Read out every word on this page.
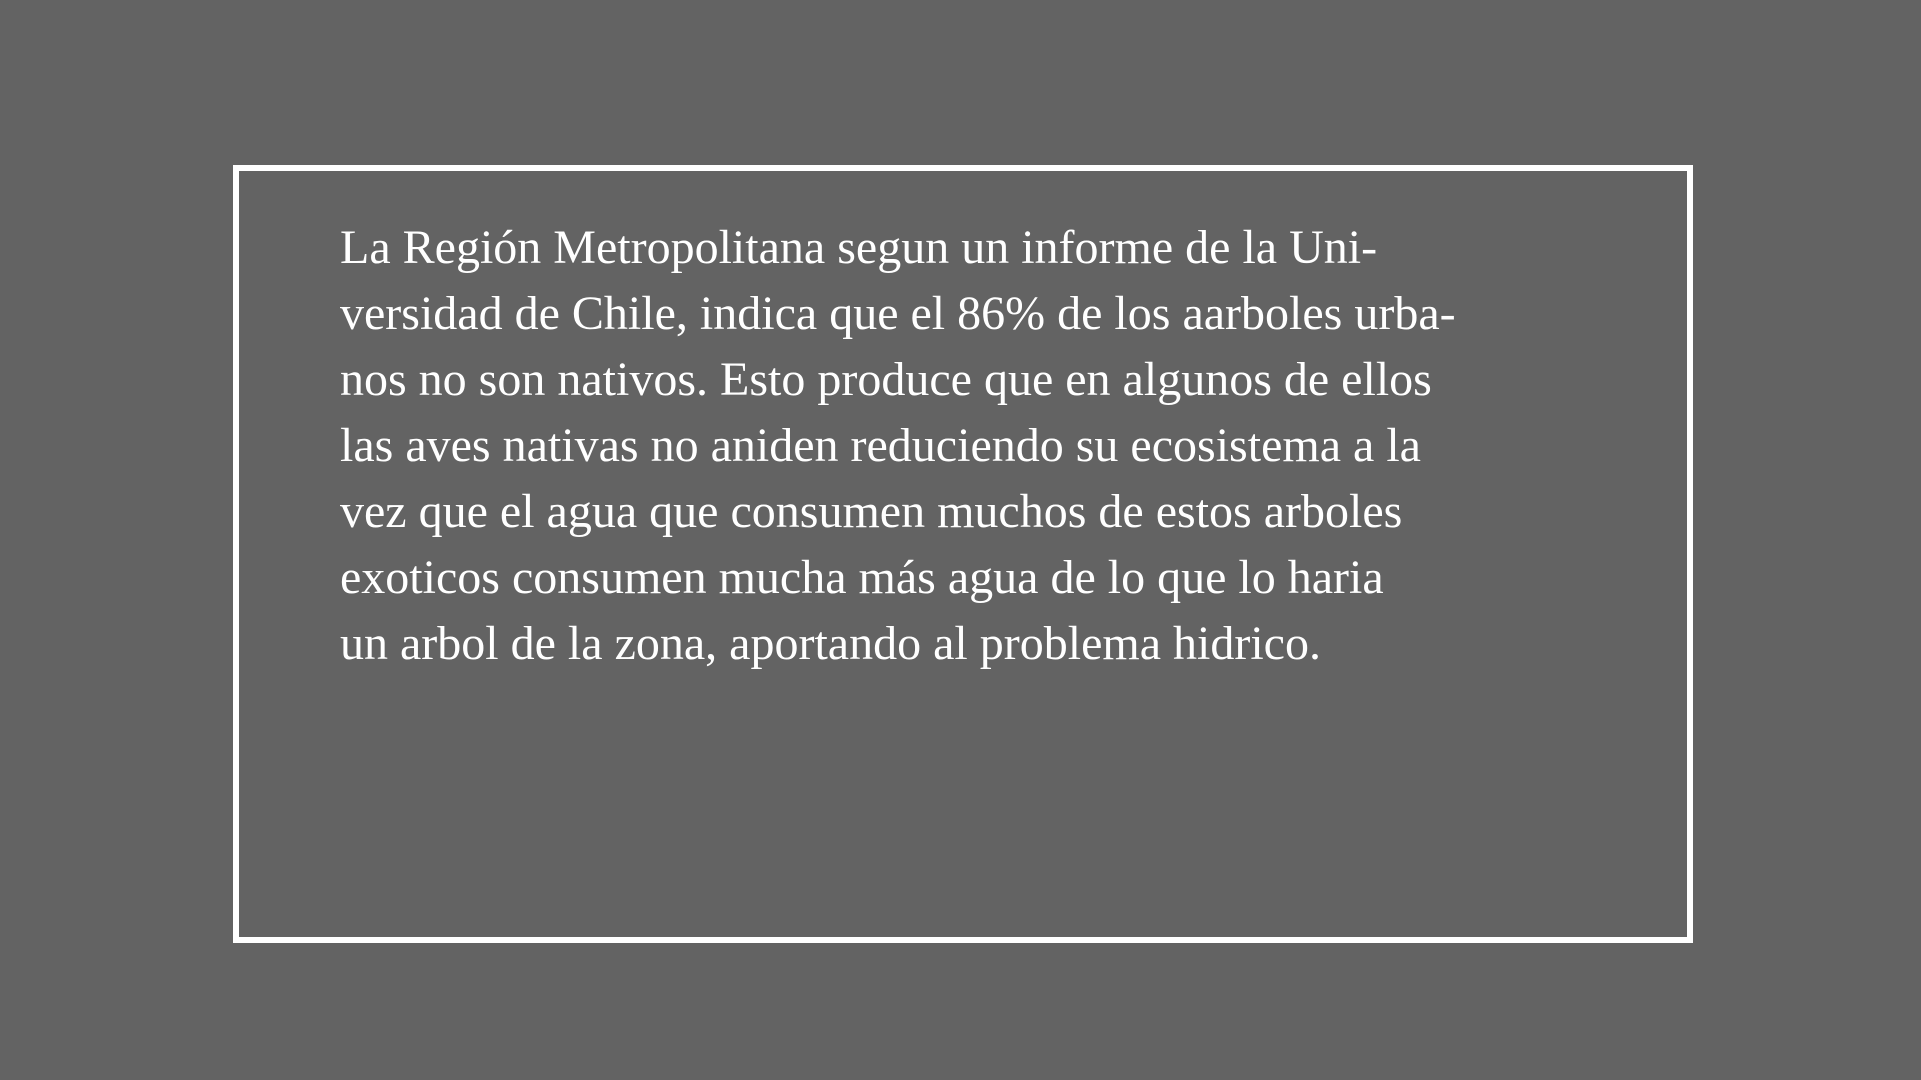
La Región Metropolitana segun un informe de la Uni-
versidad de Chile, indica que el 86% de los aarboles urba-
nos no son nativos. Esto produce que en algunos de ellos
las aves nativas no aniden reduciendo su ecosistema a la
vez que el agua que consumen muchos de estos arboles
exoticos consumen mucha más agua de lo que lo haria
un arbol de la zona, aportando al problema hidrico.
